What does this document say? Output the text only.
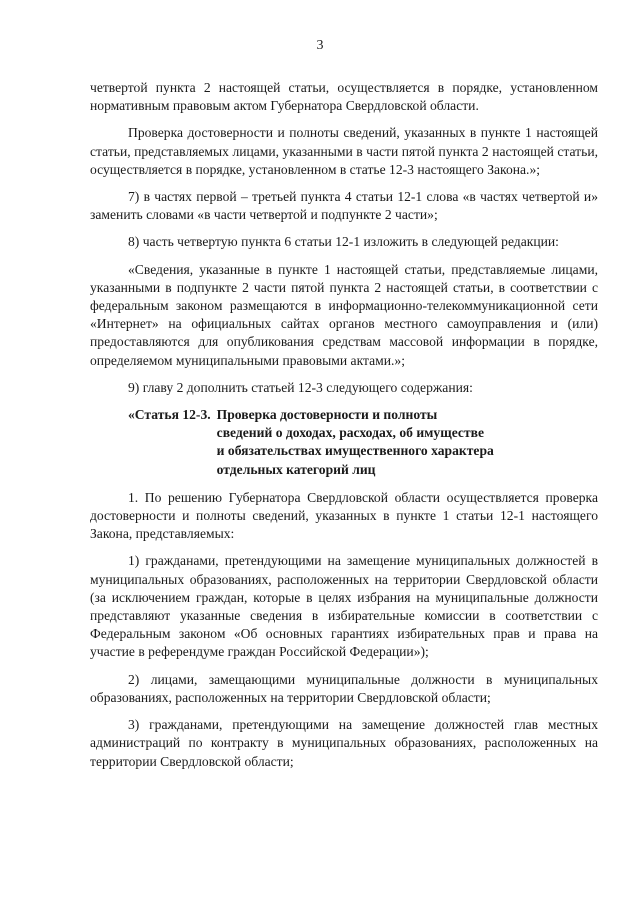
3

четвертой пункта 2 настоящей статьи, осуществляется в порядке, установленном нормативным правовым актом Губернатора Свердловской области.

Проверка достоверности и полноты сведений, указанных в пункте 1 настоящей статьи, представляемых лицами, указанными в части пятой пункта 2 настоящей статьи, осуществляется в порядке, установленном в статье 12-3 настоящего Закона.»;

7) в частях первой – третьей пункта 4 статьи 12-1 слова «в частях четвертой и» заменить словами «в части четвертой и подпункте 2 части»;

8) часть четвертую пункта 6 статьи 12-1 изложить в следующей редакции:

«Сведения, указанные в пункте 1 настоящей статьи, представляемые лицами, указанными в подпункте 2 части пятой пункта 2 настоящей статьи, в соответствии с федеральным законом размещаются в информационно-телекоммуникационной сети «Интернет» на официальных сайтах органов местного самоуправления и (или) предоставляются для опубликования средствам массовой информации в порядке, определяемом муниципальными правовыми актами.»;

9) главу 2 дополнить статьей 12-3 следующего содержания:

«Статья 12-3. Проверка достоверности и полноты
сведений о доходах, расходах, об имуществе
и обязательствах имущественного характера
отдельных категорий лиц

1. По решению Губернатора Свердловской области осуществляется проверка достоверности и полноты сведений, указанных в пункте 1 статьи 12-1 настоящего Закона, представляемых:

1) гражданами, претендующими на замещение муниципальных должностей в муниципальных образованиях, расположенных на территории Свердловской области (за исключением граждан, которые в целях избрания на муниципальные должности представляют указанные сведения в избирательные комиссии в соответствии с Федеральным законом «Об основных гарантиях избирательных прав и права на участие в референдуме граждан Российской Федерации»);

2) лицами, замещающими муниципальные должности в муниципальных образованиях, расположенных на территории Свердловской области;

3) гражданами, претендующими на замещение должностей глав местных администраций по контракту в муниципальных образованиях, расположенных на территории Свердловской области;
